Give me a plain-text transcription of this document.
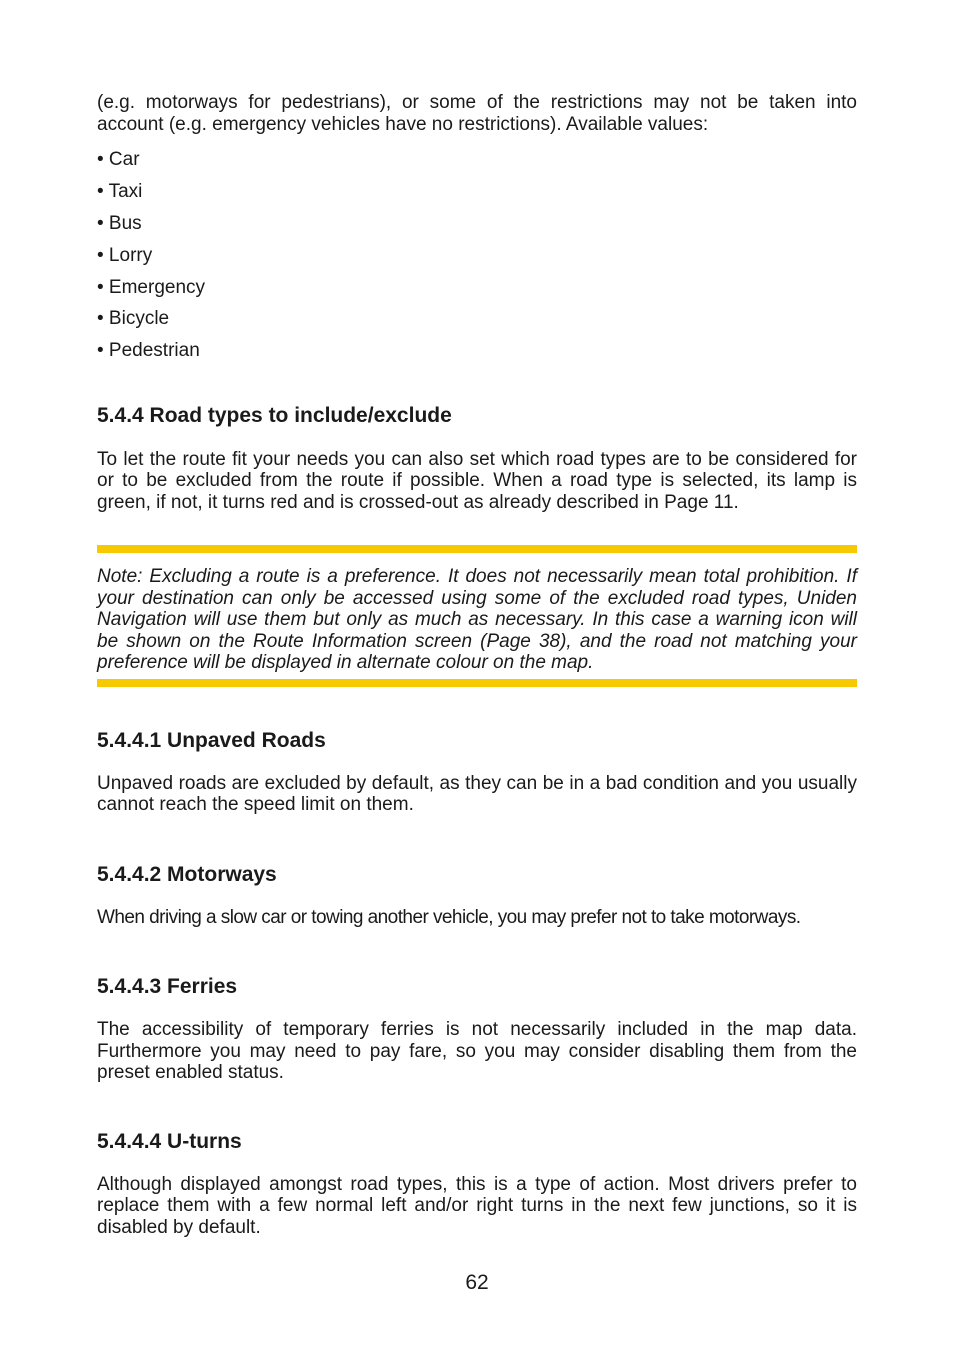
(e.g. motorways for pedestrians), or some of the restrictions may not be taken into account (e.g. emergency vehicles have no restrictions). Available values:

• Car
• Taxi
• Bus
• Lorry
• Emergency
• Bicycle
• Pedestrian
5.4.4 Road types to include/exclude

To let the route fit your needs you can also set which road types are to be considered for or to be excluded from the route if possible. When a road type is selected, its lamp is green, if not, it turns red and is crossed-out as already described in Page 11.

Note: Excluding a route is a preference. It does not necessarily mean total prohibition. If your destination can only be accessed using some of the excluded road types, Uniden Navigation will use them but only as much as necessary. In this case a warning icon will be shown on the Route Information screen (Page 38), and the road not matching your preference will be displayed in alternate colour on the map.

5.4.4.1 Unpaved Roads

Unpaved roads are excluded by default, as they can be in a bad condition and you usually cannot reach the speed limit on them.

5.4.4.2 Motorways

When driving a slow car or towing another vehicle, you may prefer not to take motorways.

5.4.4.3 Ferries

The accessibility of temporary ferries is not necessarily included in the map data. Furthermore you may need to pay fare, so you may consider disabling them from the preset enabled status.

5.4.4.4 U-turns

Although displayed amongst road types, this is a type of action. Most drivers prefer to replace them with a few normal left and/or right turns in the next few junctions, so it is disabled by default.

62
